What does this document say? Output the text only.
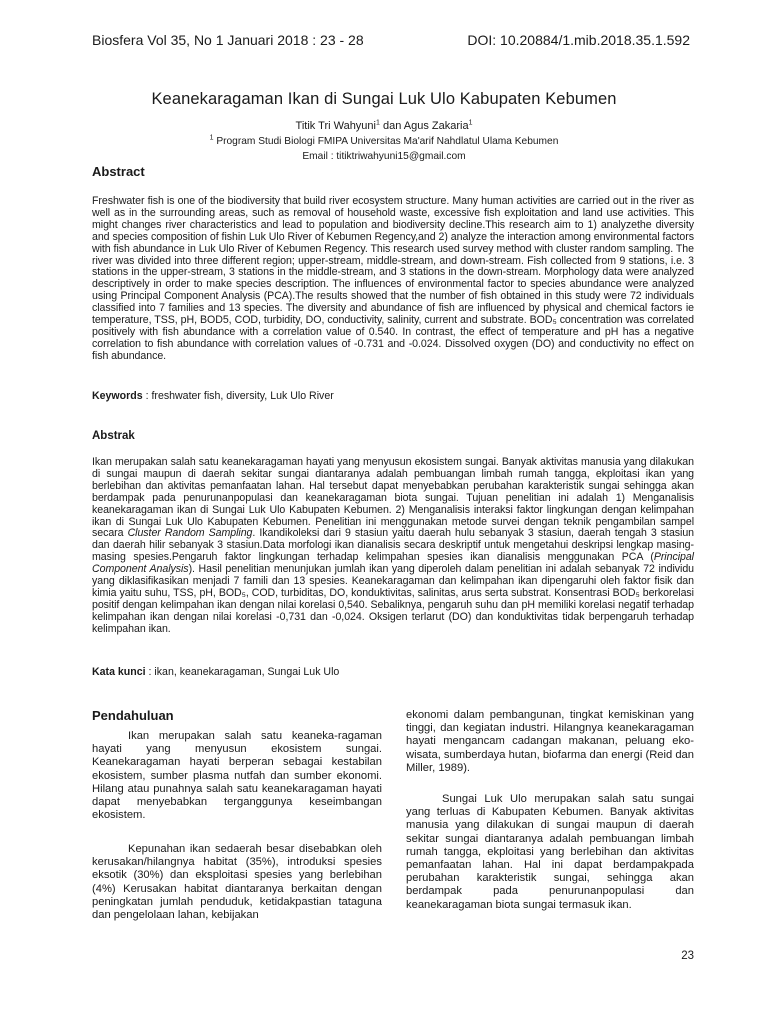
Biosfera Vol 35, No 1 Januari 2018 : 23 - 28	DOI: 10.20884/1.mib.2018.35.1.592
Keanekaragaman Ikan di Sungai Luk Ulo Kabupaten Kebumen
Titik Tri Wahyuni$^1$ dan Agus Zakaria$^1$
$^1$ Program Studi Biologi FMIPA Universitas Ma'arif Nahdlatul Ulama Kebumen
Email : titiktriwahyuni15@gmail.com
Abstract
Freshwater fish is one of the biodiversity that build river ecosystem structure. Many human activities are carried out in the river as well as in the surrounding areas, such as removal of household waste, excessive fish exploitation and land use activities. This might changes river characteristics and lead to population and biodiversity decline.This research aim to 1) analyzethe diversity and species composition of fishin Luk Ulo River of Kebumen Regency,and 2) analyze the interaction among environmental factors with fish abundance in Luk Ulo River of Kebumen Regency. This research used survey method with cluster random sampling. The river was divided into three different region; upper-stream, middle-stream, and down-stream. Fish collected from 9 stations, i.e. 3 stations in the upper-stream, 3 stations in the middle-stream, and 3 stations in the down-stream. Morphology data were analyzed descriptively in order to make species description. The influences of environmental factor to species abundance were analyzed using Principal Component Analysis (PCA).The results showed that the number of fish obtained in this study were 72 individuals classified into 7 families and 13 species. The diversity and abundance of fish are influenced by physical and chemical factors ie temperature, TSS, pH, BOD5, COD, turbidity, DO, conductivity, salinity, current and substrate. BOD₅ concentration was correlated positively with fish abundance with a correlation value of 0.540. In contrast, the effect of temperature and pH has a negative correlation to fish abundance with correlation values of -0.731 and -0.024. Dissolved oxygen (DO) and conductivity no effect on fish abundance.
Keywords : freshwater fish, diversity, Luk Ulo River
Abstrak
Ikan merupakan salah satu keanekaragaman hayati yang menyusun ekosistem sungai. Banyak aktivitas manusia yang dilakukan di sungai maupun di daerah sekitar sungai diantaranya adalah pembuangan limbah rumah tangga, ekploitasi ikan yang berlebihan dan aktivitas pemanfaatan lahan. Hal tersebut dapat menyebabkan perubahan karakteristik sungai sehingga akan berdampak pada penurunanpopulasi dan keanekaragaman biota sungai. Tujuan penelitian ini adalah 1) Menganalisis keanekaragaman ikan di Sungai Luk Ulo Kabupaten Kebumen. 2) Menganalisis interaksi faktor lingkungan dengan kelimpahan ikan di Sungai Luk Ulo Kabupaten Kebumen. Penelitian ini menggunakan metode survei dengan teknik pengambilan sampel secara Cluster Random Sampling. Ikandikoleksi dari 9 stasiun yaitu daerah hulu sebanyak 3 stasiun, daerah tengah 3 stasiun dan daerah hilir sebanyak 3 stasiun.Data morfologi ikan dianalisis secara deskriptif untuk mengetahui deskripsi lengkap masing-masing spesies.Pengaruh faktor lingkungan terhadap kelimpahan spesies ikan dianalisis menggunakan PCA (Principal Component Analysis). Hasil penelitian menunjukan jumlah ikan yang diperoleh dalam penelitian ini adalah sebanyak 72 individu yang diklasifikasikan menjadi 7 famili dan 13 spesies. Keanekaragaman dan kelimpahan ikan dipengaruhi oleh faktor fisik dan kimia yaitu suhu, TSS, pH, BOD₅, COD, turbiditas, DO, konduktivitas, salinitas, arus serta substrat. Konsentrasi BOD₅ berkorelasi positif dengan kelimpahan ikan dengan nilai korelasi 0,540. Sebaliknya, pengaruh suhu dan pH memiliki korelasi negatif terhadap kelimpahan ikan dengan nilai korelasi -0,731 dan -0,024. Oksigen terlarut (DO) dan konduktivitas tidak berpengaruh terhadap kelimpahan ikan.
Kata kunci : ikan, keanekaragaman, Sungai Luk Ulo
Pendahuluan

Ikan merupakan salah satu keaneka-ragaman hayati yang menyusun ekosistem sungai. Keanekaragaman hayati berperan sebagai kestabilan ekosistem, sumber plasma nutfah dan sumber ekonomi. Hilang atau punahnya salah satu keanekaragaman hayati dapat menyebabkan terganggunya keseimbangan ekosistem.

Kepunahan ikan sedaerah besar disebabkan oleh kerusakan/hilangnya habitat (35%), introduksi spesies eksotik (30%) dan eksploitasi spesies yang berlebihan (4%) Kerusakan habitat diantaranya berkaitan dengan peningkatan jumlah penduduk, ketidakpastian tataguna dan pengelolaan lahan, kebijakan

ekonomi dalam pembangunan, tingkat kemiskinan yang tinggi, dan kegiatan industri. Hilangnya keanekaragaman hayati mengancam cadangan makanan, peluang eko-wisata, sumberdaya hutan, biofarma dan energi (Reid dan Miller, 1989).

Sungai Luk Ulo merupakan salah satu sungai yang terluas di Kabupaten Kebumen. Banyak aktivitas manusia yang dilakukan di sungai maupun di daerah sekitar sungai diantaranya adalah pembuangan limbah rumah tangga, ekploitasi yang berlebihan dan aktivitas pemanfaatan lahan. Hal ini dapat berdampakpada perubahan karakteristik sungai, sehingga akan berdampak pada penurunanpopulasi dan keanekaragaman biota sungai termasuk ikan.

23
